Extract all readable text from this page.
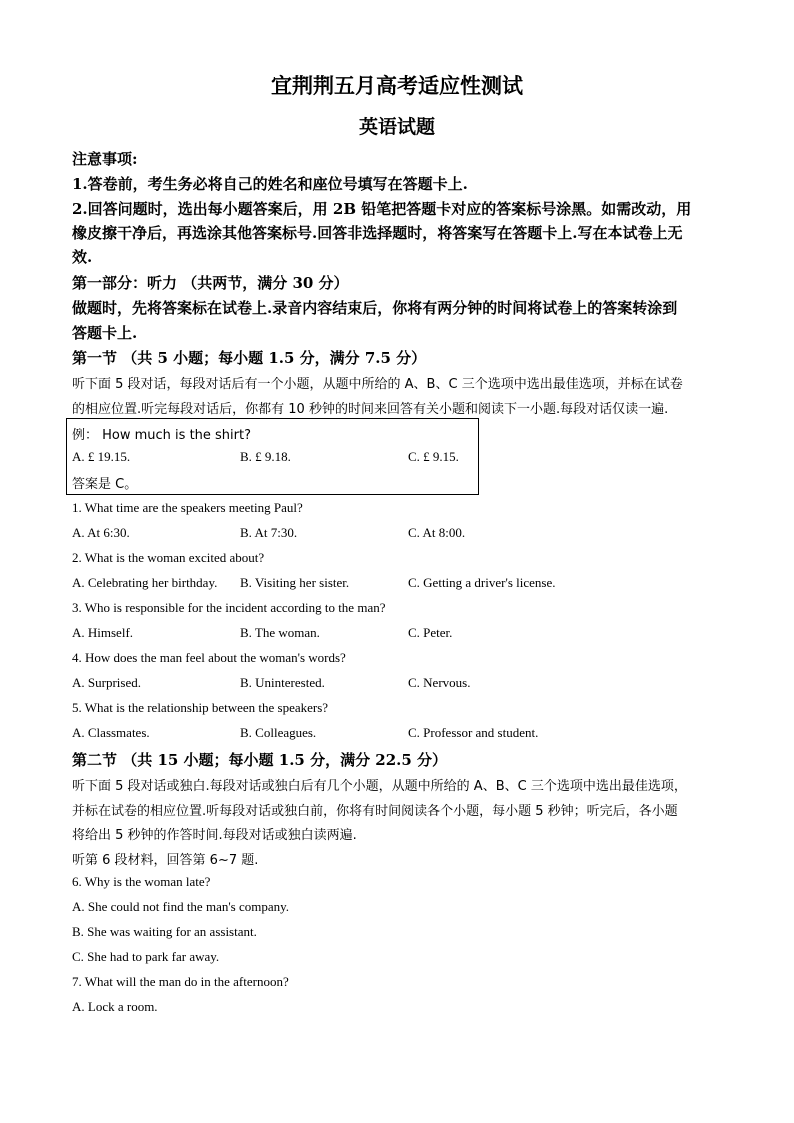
宜荆荆五月高考适应性测试
英语试题
注意事项:
1.答卷前，考生务必将自己的姓名和座位号填写在答题卡上.
2.回答问题时，选出每小题答案后，用 2B 铅笔把答题卡对应的答案标号涂黑。如需改动，用
橡皮擦干净后，再选涂其他答案标号.回答非选择题时，将答案写在答题卡上.写在本试卷上无
效.
第一部分：听力 （共两节，满分 30 分）
做题时，先将答案标在试卷上.录音内容结束后，你将有两分钟的时间将试卷上的答案转涂到
答题卡上.
第一节 （共 5 小题；每小题 1.5 分，满分 7.5 分）
听下面 5 段对话，每段对话后有一个小题，从题中所给的 A、B、C 三个选项中选出最佳选项，并标在试卷
的相应位置.听完每段对话后，你都有 10 秒钟的时间来回答有关小题和阅读下一小题.每段对话仅读一遍.
例： How much is the shirt?
A. £ 19.15.	B. £ 9.18.	C. £ 9.15.
答案是 C。
1. What time are the speakers meeting Paul?
A. At 6:30.	B. At 7:30.	C. At 8:00.
2. What is the woman excited about?
A. Celebrating her birthday. B. Visiting her sister.	C. Getting a driver's license.
3. Who is responsible for the incident according to the man?
A. Himself.	B. The woman.	C. Peter.
4. How does the man feel about the woman's words?
A. Surprised.	B. Uninterested.	C. Nervous.
5. What is the relationship between the speakers?
A. Classmates.	B. Colleagues.	C. Professor and student.
第二节 （共 15 小题；每小题 1.5 分，满分 22.5 分）
听下面 5 段对话或独白.每段对话或独白后有几个小题，从题中所给的 A、B、C 三个选项中选出最佳选项，
并标在试卷的相应位置.听每段对话或独白前，你将有时间阅读各个小题，每小题 5 秒钟；听完后，各小题
将给出 5 秒钟的作答时间.每段对话或独白读两遍.
听第 6 段材料，回答第 6~7 题.
6. Why is the woman late?
A. She could not find the man's company.
B. She was waiting for an assistant.
C. She had to park far away.
7. What will the man do in the afternoon?
A. Lock a room.
